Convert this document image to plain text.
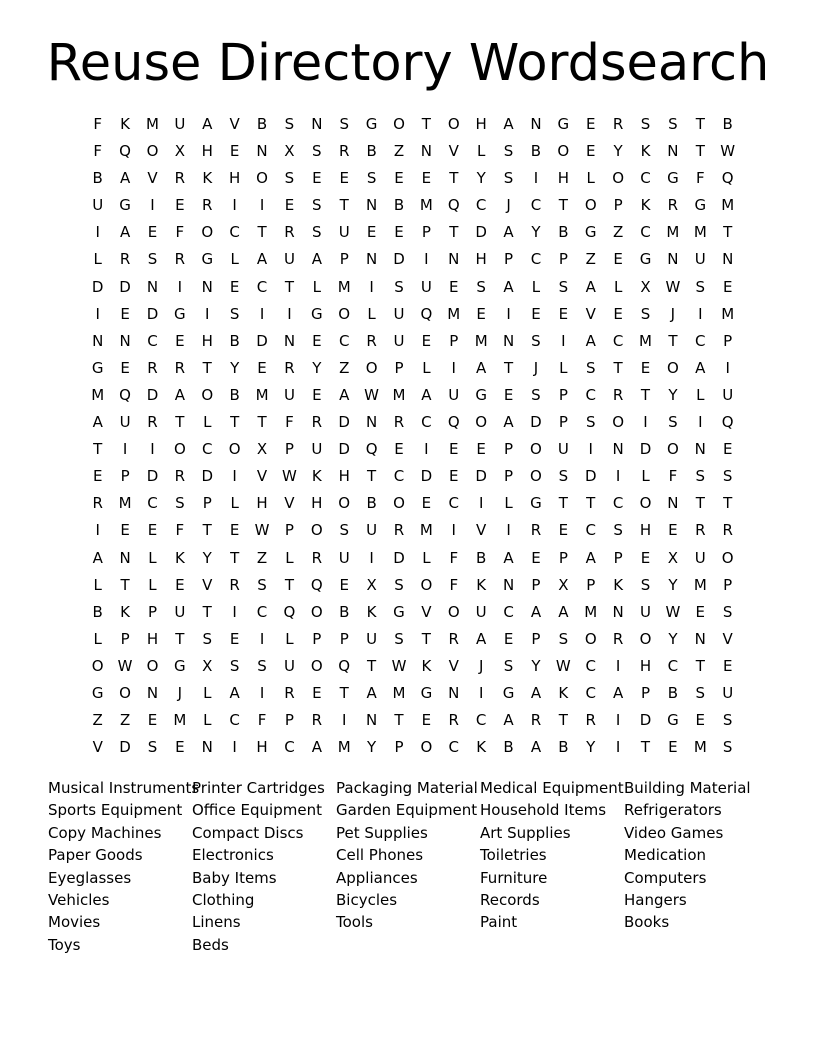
Reuse Directory Wordsearch
F	K	M	U	A	V	B	S	N	S	G	O	T	O	H	A	N	G	E	R	S	S	T	B
F	Q	O	X	H	E	N	X	S	R	B	Z	N	V	L	S	B	O	E	Y	K	N	T	W
B	A	V	R	K	H	O	S	E	E	S	E	E	T	Y	S	I	H	L	O	C	G	F	Q
U	G	I	E	R	I	I	E	S	T	N	B	M	Q	C	J	C	T	O	P	K	R	G	M
I	A	E	F	O	C	T	R	S	U	E	E	P	T	D	A	Y	B	G	Z	C	M M	T
L	R	S	R	G	L	A	U	A	P	N	D	I	N	H	P	C	P	Z	E	G	N	U	N
D	D	N	I	N	E	C	T	L	M	I	S	U	E	S	A	L	S	A	L	X W	S	E
I	E	D	G	I	S	I	I	G	O	L	U	Q	M	E	I	E	E	V	E	S	J	I	M
N	N	C	E	H	B	D	N	E	C	R	U	E	P	M	N	S	I	A	C	M	T	C	P
G	E	R	R	T	Y	E	R	Y	Z	O	P	L	I	A	T	J	L	S	T	E	O	A	I
M	Q	D	A	O	B	M	U	E	A W M	A	U	G	E	S	P	C	R	T	Y	L	U
A	U	R	T	L	T	T	F	R	D	N	R	C	Q	O	A	D	P	S	O	I	S	I	Q
T	I	I	O	C	O	X	P	U	D	Q	E	I	E	E	P	O	U	I	N	D	O	N	E
E	P	D	R	D	I	V W	K	H	T	C	D	E	D	P	O	S	D	I	L	F	S	S
R	M	C	S	P	L	H	V	H	O	B	O	E	C	I	L	G	T	T	C	O	N	T	T
I	E	E	F	T	E	W	P	O	S	U	R	M	I	V	I	R	E	C	S	H	E	R	R
A	N	L	K	Y	T	Z	L	R	U	I	D	L	F	B	A	E	P	A	P	E	X	U	O
L	T	L	E	V	R	S	T	Q	E	X	S	O	F	K	N	P	X	P	K	S	Y	M	P
B	K	P	U	T	I	C	Q	O	B	K	G	V	O	U	C	A	A	M	N	U W	E	S
L	P	H	T	S	E	I	L	P	P	U	S	T	R	A	E	P	S	O	R	O	Y	N	V
O W O	G	X	S	S	U	O	Q	T	W	K	V	J	S	Y	W C	I	H	C	T	E
G	O	N	J	L	A	I	R	E	T	A	M	G	N	I	G	A	K	C	A	P	B	S	U
Z	Z	E	M	L	C	F	P	R	I	N	T	E	R	C	A	R	T	R	I	D	G	E	S
V	D	S	E	N	I	H	C	A	M	Y	P	O	C	K	B	A	B	Y	I	T	E	M	S
Musical Instruments
Sports Equipment
Copy Machines
Paper Goods
Eyeglasses
Vehicles
Movies
Toys
Printer Cartridges
Office Equipment
Compact Discs
Electronics
Baby Items
Clothing
Linens
Beds
Packaging Material
Garden Equipment
Pet Supplies
Cell Phones
Appliances
Bicycles
Tools
Medical Equipment
Household Items
Art Supplies
Toiletries
Furniture
Records
Paint
Building Material
Refrigerators
Video Games
Medication
Computers
Hangers
Books
